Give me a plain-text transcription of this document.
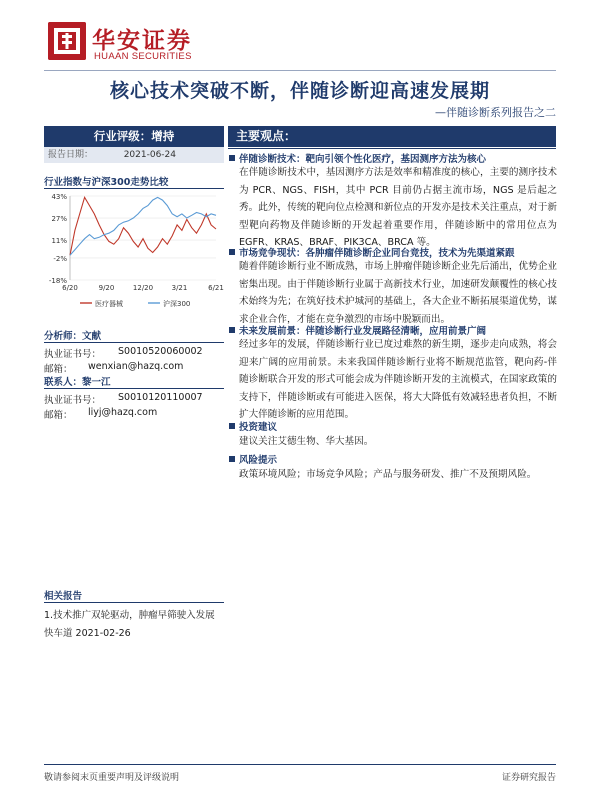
华安证券
HUAAN SECURITIES
核心技术突破不断，伴随诊断迎高速发展期
—伴随诊断系列报告之二
行业评级：增持
报告日期：	2021-06-24
行业指数与沪深300走势比较
43%
27%
11%
-2%
-18%
6/20	9/20	12/20	3/21	6/21
医疗器械	沪深300
分析师：文献
执业证书号： S0010520060002
邮箱： wenxian@hazq.com
联系人：黎一江
执业证书号： S0010120110007
邮箱： liyj@hazq.com
相关报告
1.技术推广双轮驱动，肿瘤早筛驶入发展快车道 2021-02-26
主要观点：
伴随诊断技术：靶向引领个性化医疗，基因测序方法为核心
在伴随诊断技术中，基因测序方法是效率和精准度的核心，主要的测序技术为 PCR、NGS、FISH，其中 PCR 目前仍占据主流市场，NGS 是后起之秀。此外，传统的靶向位点检测和新位点的开发亦是技术关注重点，对于新型靶向药物及伴随诊断的开发起着重要作用，伴随诊断中的常用位点为 EGFR、KRAS、BRAF、PIK3CA、BRCA 等。
市场竞争现状：各肿瘤伴随诊断企业同台竞技，技术为先渠道紧跟
随着伴随诊断行业不断成熟，市场上肿瘤伴随诊断企业先后涌出，优势企业密集出现。由于伴随诊断行业属于高新技术行业，加速研发颠覆性的核心技术始终为先；在筑好技术护城河的基础上，各大企业不断拓展渠道优势，谋求企业合作，才能在竞争激烈的市场中脱颖而出。
未来发展前景：伴随诊断行业发展路径清晰，应用前景广阔
经过多年的发展，伴随诊断行业已度过难熬的新生期，逐步走向成熟，将会迎来广阔的应用前景。未来我国伴随诊断行业将不断规范监管，靶向药-伴随诊断联合开发的形式可能会成为伴随诊断开发的主流模式，在国家政策的支持下，伴随诊断或有可能进入医保，将大大降低有效减轻患者负担，不断扩大伴随诊断的应用范围。
投资建议
建议关注艾德生物、华大基因。
风险提示
政策环境风险；市场竞争风险；产品与服务研发、推广不及预期风险。
敬请参阅末页重要声明及评级说明	证券研究报告
